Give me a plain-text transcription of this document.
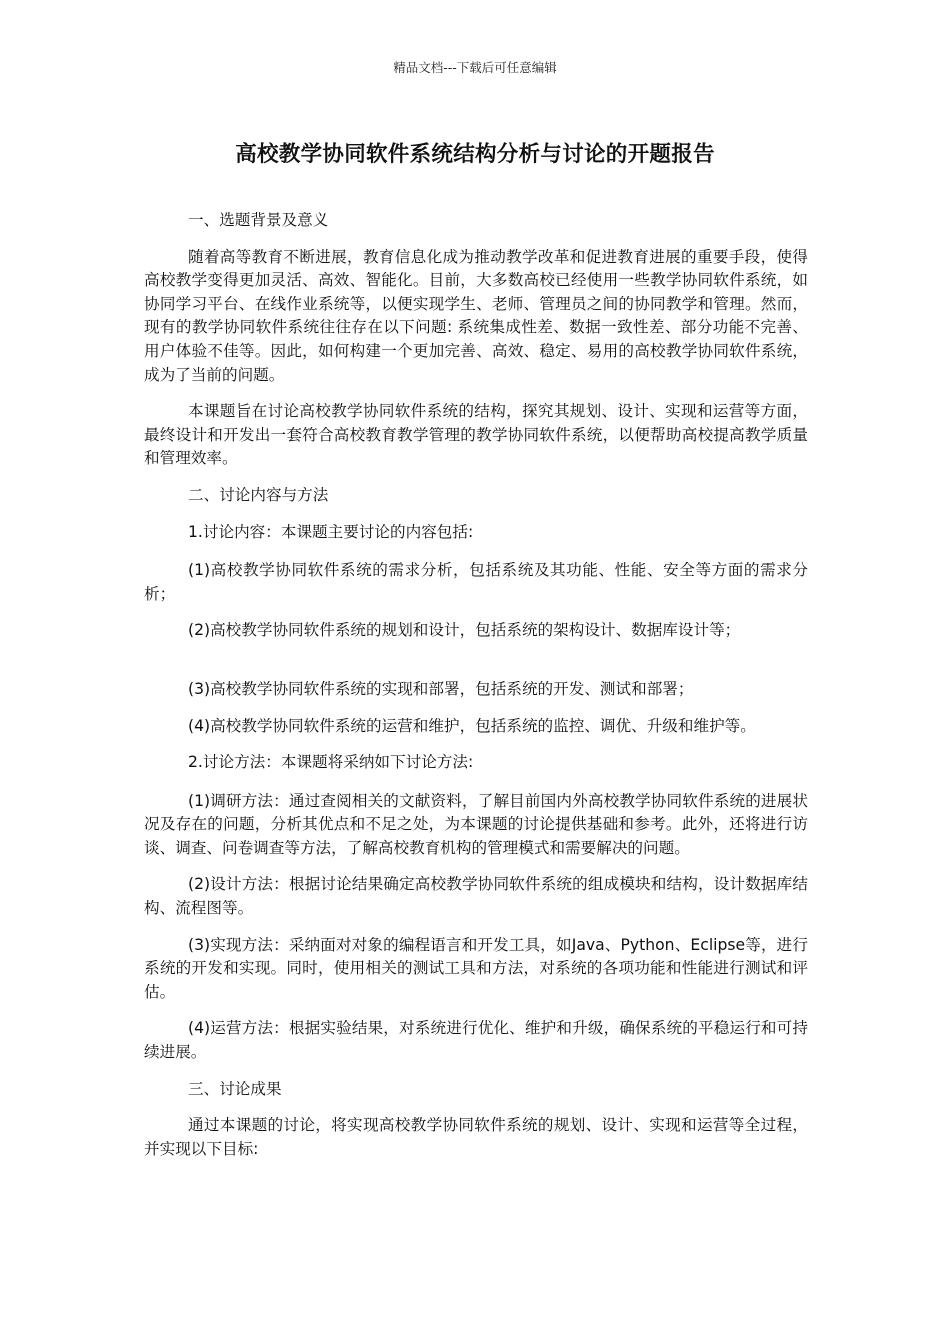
精品文档---下载后可任意编辑
高校教学协同软件系统结构分析与讨论的开题报告

一、选题背景及意义

随着高等教育不断进展，教育信息化成为推动教学改革和促进教育进展的重要手段，使得高校教学变得更加灵活、高效、智能化。目前，大多数高校已经使用一些教学协同软件系统，如协同学习平台、在线作业系统等，以便实现学生、老师、管理员之间的协同教学和管理。然而，现有的教学协同软件系统往往存在以下问题: 系统集成性差、数据一致性差、部分功能不完善、用户体验不佳等。因此，如何构建一个更加完善、高效、稳定、易用的高校教学协同软件系统，成为了当前的问题。

本课题旨在讨论高校教学协同软件系统的结构，探究其规划、设计、实现和运营等方面，最终设计和开发出一套符合高校教育教学管理的教学协同软件系统，以便帮助高校提高教学质量和管理效率。

二、讨论内容与方法

1.讨论内容：本课题主要讨论的内容包括:

(1)高校教学协同软件系统的需求分析，包括系统及其功能、性能、安全等方面的需求分析；

(2)高校教学协同软件系统的规划和设计，包括系统的架构设计、数据库设计等；

(3)高校教学协同软件系统的实现和部署，包括系统的开发、测试和部署；

(4)高校教学协同软件系统的运营和维护，包括系统的监控、调优、升级和维护等。

2.讨论方法：本课题将采纳如下讨论方法:

(1)调研方法：通过查阅相关的文献资料，了解目前国内外高校教学协同软件系统的进展状况及存在的问题，分析其优点和不足之处，为本课题的讨论提供基础和参考。此外，还将进行访谈、调查、问卷调查等方法，了解高校教育机构的管理模式和需要解决的问题。

(2)设计方法：根据讨论结果确定高校教学协同软件系统的组成模块和结构，设计数据库结构、流程图等。

(3)实现方法：采纳面对对象的编程语言和开发工具，如Java、Python、Eclipse等，进行系统的开发和实现。同时，使用相关的测试工具和方法，对系统的各项功能和性能进行测试和评估。

(4)运营方法：根据实验结果，对系统进行优化、维护和升级，确保系统的平稳运行和可持续进展。

三、讨论成果

通过本课题的讨论，将实现高校教学协同软件系统的规划、设计、实现和运营等全过程，并实现以下目标:
